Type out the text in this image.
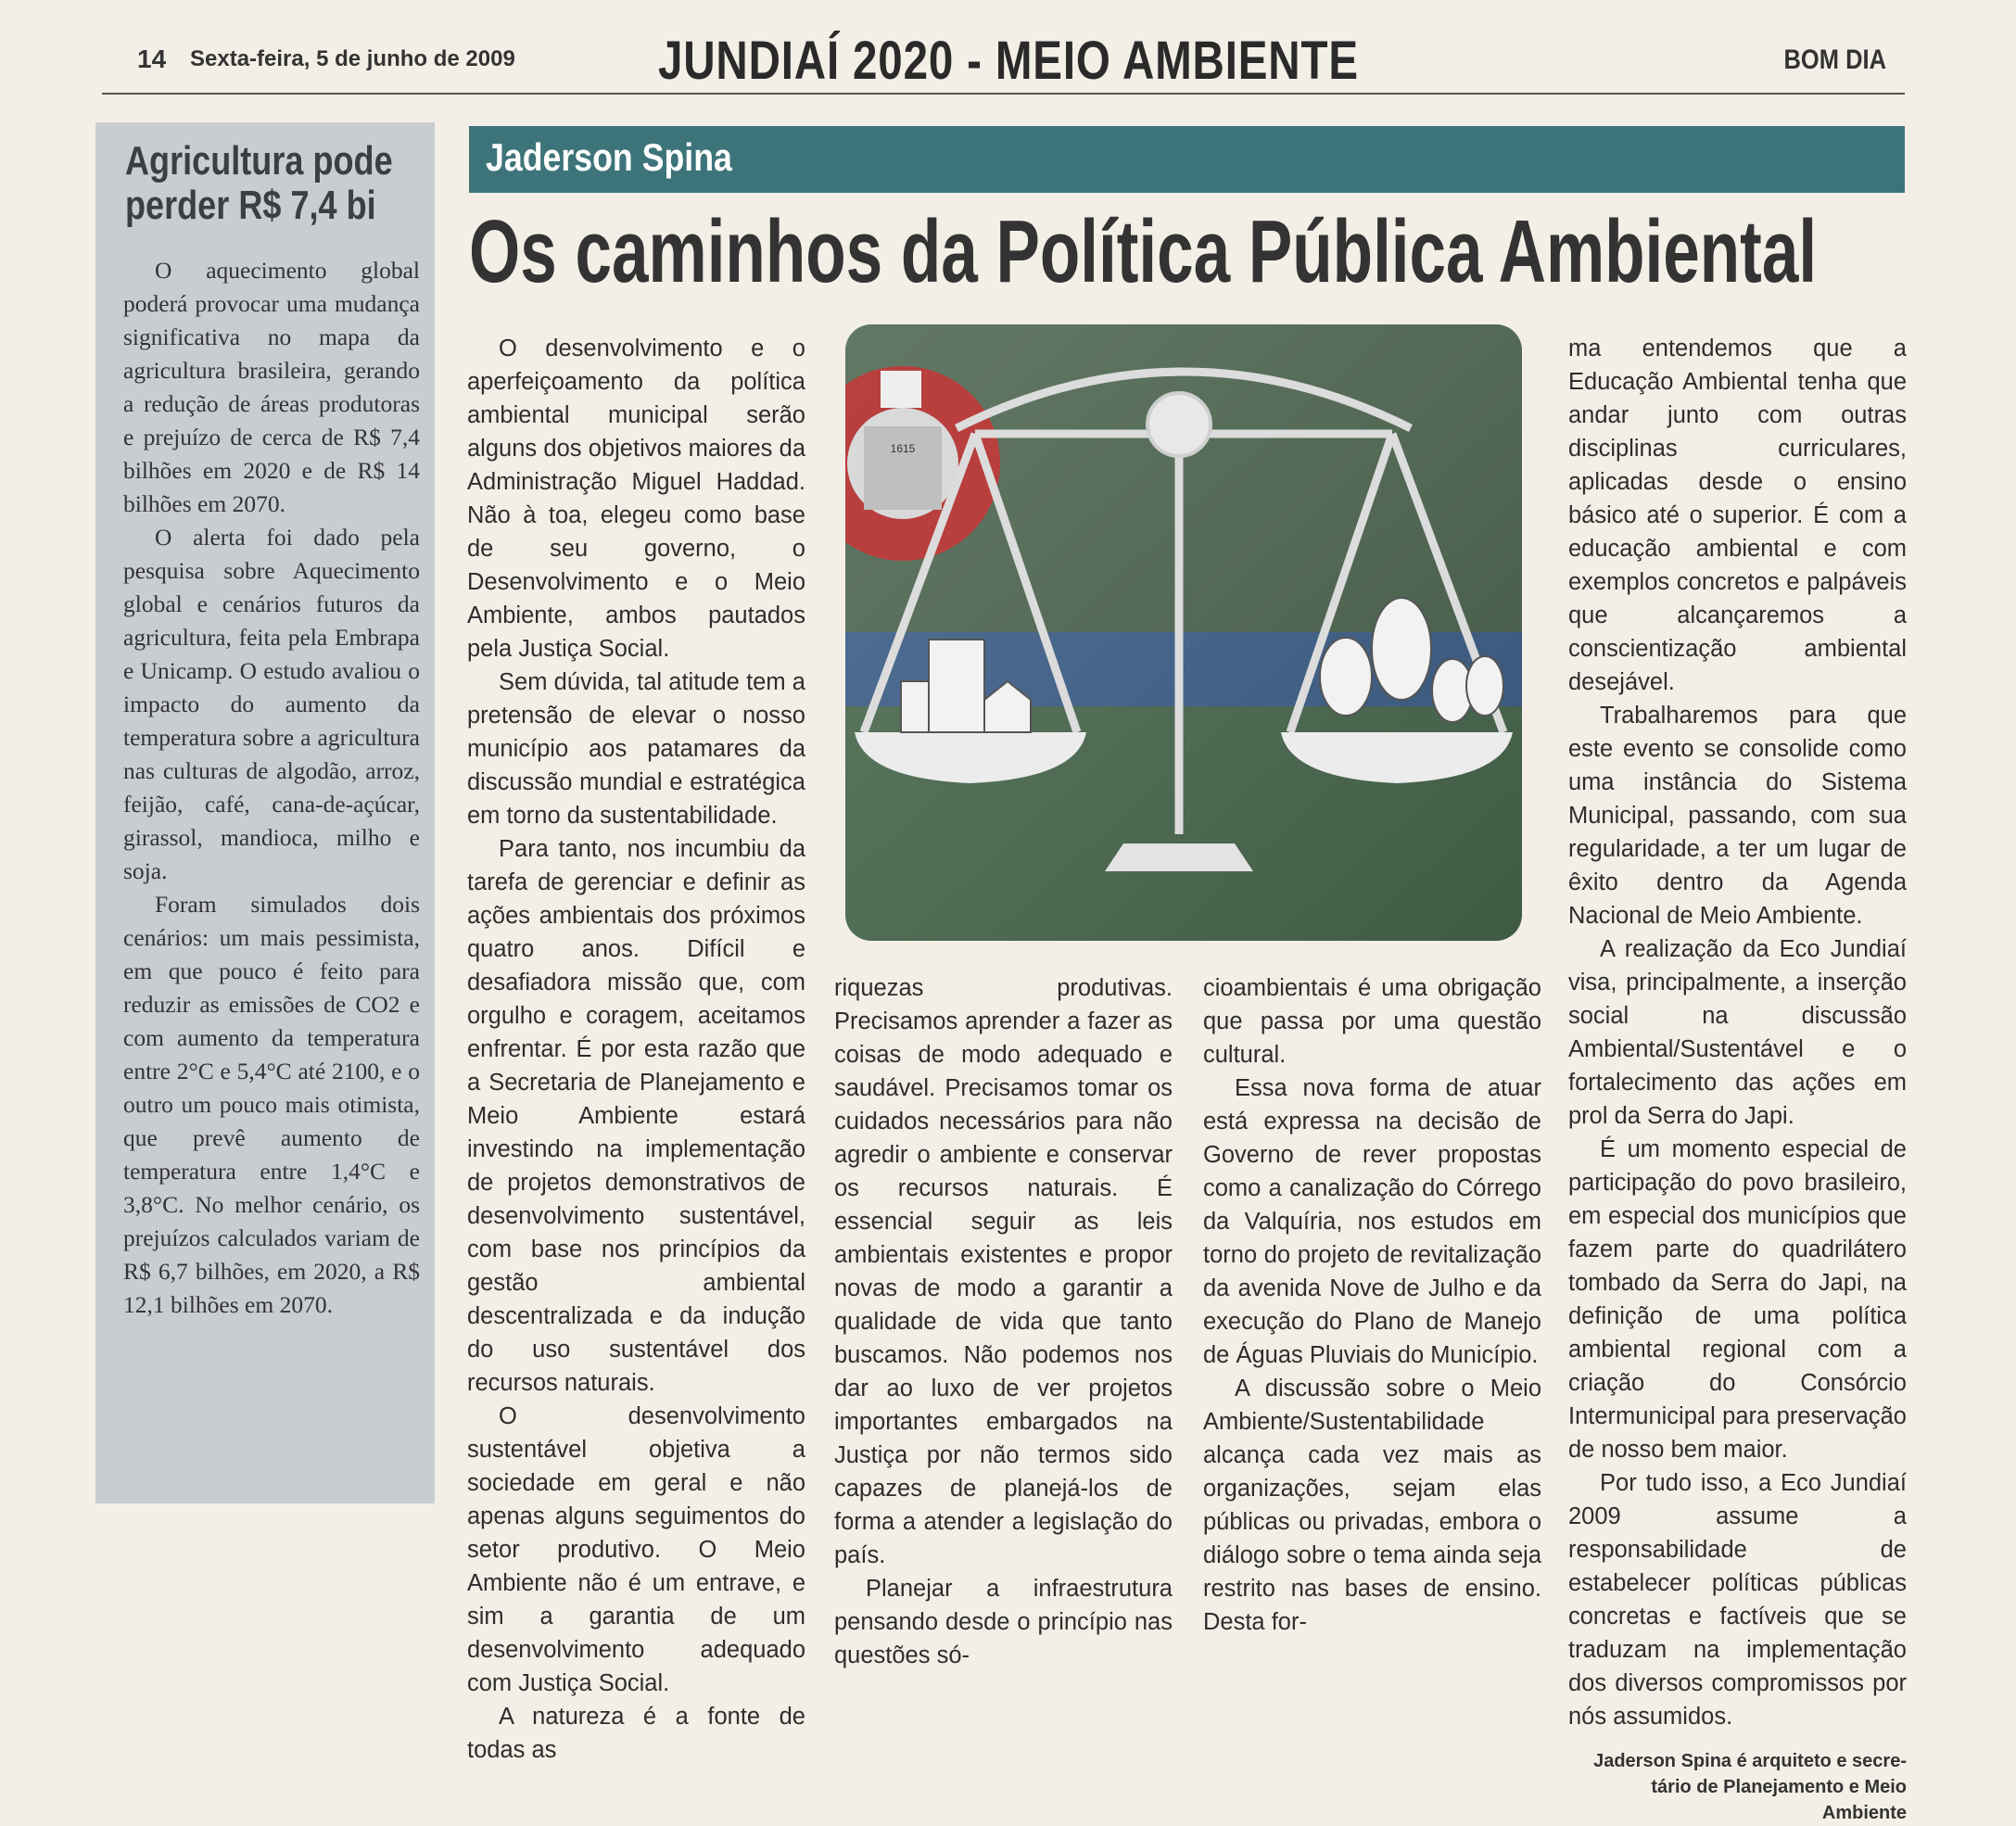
14 Sexta-feira, 5 de junho de 2009	JUNDIAÍ 2020 - MEIO AMBIENTE	BOM DIA
Agricultura pode
perder R$ 7,4 bi

O aquecimento global poderá provocar uma mudança significativa no mapa da agricultura brasileira, gerando a redução de áreas produtoras e prejuízo de cerca de R$ 7,4 bilhões em 2020 e de R$ 14 bilhões em 2070.

O alerta foi dado pela pesquisa sobre Aquecimento global e cenários futuros da agricultura, feita pela Embrapa e Unicamp. O estudo avaliou o impacto do aumento da temperatura sobre a agricultura nas culturas de algodão, arroz, feijão, café, cana-de-açúcar, girassol, mandioca, milho e soja.

Foram simulados dois cenários: um mais pessimista, em que pouco é feito para reduzir as emissões de CO2 e com aumento da temperatura entre 2°C e 5,4°C até 2100, e o outro um pouco mais otimista, que prevê aumento de temperatura entre 1,4°C e 3,8°C. No melhor cenário, os prejuízos calculados variam de R$ 6,7 bilhões, em 2020, a R$ 12,1 bilhões em 2070.

Jaderson Spina
Os caminhos da Política Pública Ambiental

O desenvolvimento e o aperfeiçoamento da política ambiental municipal serão alguns dos objetivos maiores da Administração Miguel Haddad. Não à toa, elegeu como base de seu governo, o Desenvolvimento e o Meio Ambiente, ambos pautados pela Justiça Social.

Sem dúvida, tal atitude tem a pretensão de elevar o nosso município aos patamares da discussão mundial e estratégica em torno da sustentabilidade.

Para tanto, nos incumbiu da tarefa de gerenciar e definir as ações ambientais dos próximos quatro anos. Difícil e desafiadora missão que, com orgulho e coragem, aceitamos enfrentar. É por esta razão que a Secretaria de Planejamento e Meio Ambiente estará investindo na implementação de projetos demonstrativos de desenvolvimento sustentável, com base nos princípios da gestão ambiental descentralizada e da indução do uso sustentável dos recursos naturais.

O desenvolvimento sustentável objetiva a sociedade em geral e não apenas alguns seguimentos do setor produtivo. O Meio Ambiente não é um entrave, e sim a garantia de um desenvolvimento adequado com Justiça Social.

A natureza é a fonte de todas as

1615

riquezas produtivas. Precisamos aprender a fazer as coisas de modo adequado e saudável. Precisamos tomar os cuidados necessários para não agredir o ambiente e conservar os recursos naturais. É essencial seguir as leis ambientais existentes e propor novas de modo a garantir a qualidade de vida que tanto buscamos. Não podemos nos dar ao luxo de ver projetos importantes embargados na Justiça por não termos sido capazes de planejá-los de forma a atender a legislação do país.

Planejar a infraestrutura pensando desde o princípio nas questões só-

cioambientais é uma obrigação que passa por uma questão cultural.

Essa nova forma de atuar está expressa na decisão de Governo de rever propostas como a canalização do Córrego da Valquíria, nos estudos em torno do projeto de revitalização da avenida Nove de Julho e da execução do Plano de Manejo de Águas Pluviais do Município.

A discussão sobre o Meio Ambiente/Sustentabilidade alcança cada vez mais as organizações, sejam elas públicas ou privadas, embora o diálogo sobre o tema ainda seja restrito nas bases de ensino. Desta for-

ma entendemos que a Educação Ambiental tenha que andar junto com outras disciplinas curriculares, aplicadas desde o ensino básico até o superior. É com a educação ambiental e com exemplos concretos e palpáveis que alcançaremos a conscientização ambiental desejável.

Trabalharemos para que este evento se consolide como uma instância do Sistema Municipal, passando, com sua regularidade, a ter um lugar de êxito dentro da Agenda Nacional de Meio Ambiente.

A realização da Eco Jundiaí visa, principalmente, a inserção social na discussão Ambiental/Sustentável e o fortalecimento das ações em prol da Serra do Japi.

É um momento especial de participação do povo brasileiro, em especial dos municípios que fazem parte do quadrilátero tombado da Serra do Japi, na definição de uma política ambiental regional com a criação do Consórcio Intermunicipal para preservação de nosso bem maior.

Por tudo isso, a Eco Jundiaí 2009 assume a responsabilidade de estabelecer políticas públicas concretas e factíveis que se traduzam na implementação dos diversos compromissos por nós assumidos.

Jaderson Spina é arquiteto e secre-
tário de Planejamento e Meio Ambiente
